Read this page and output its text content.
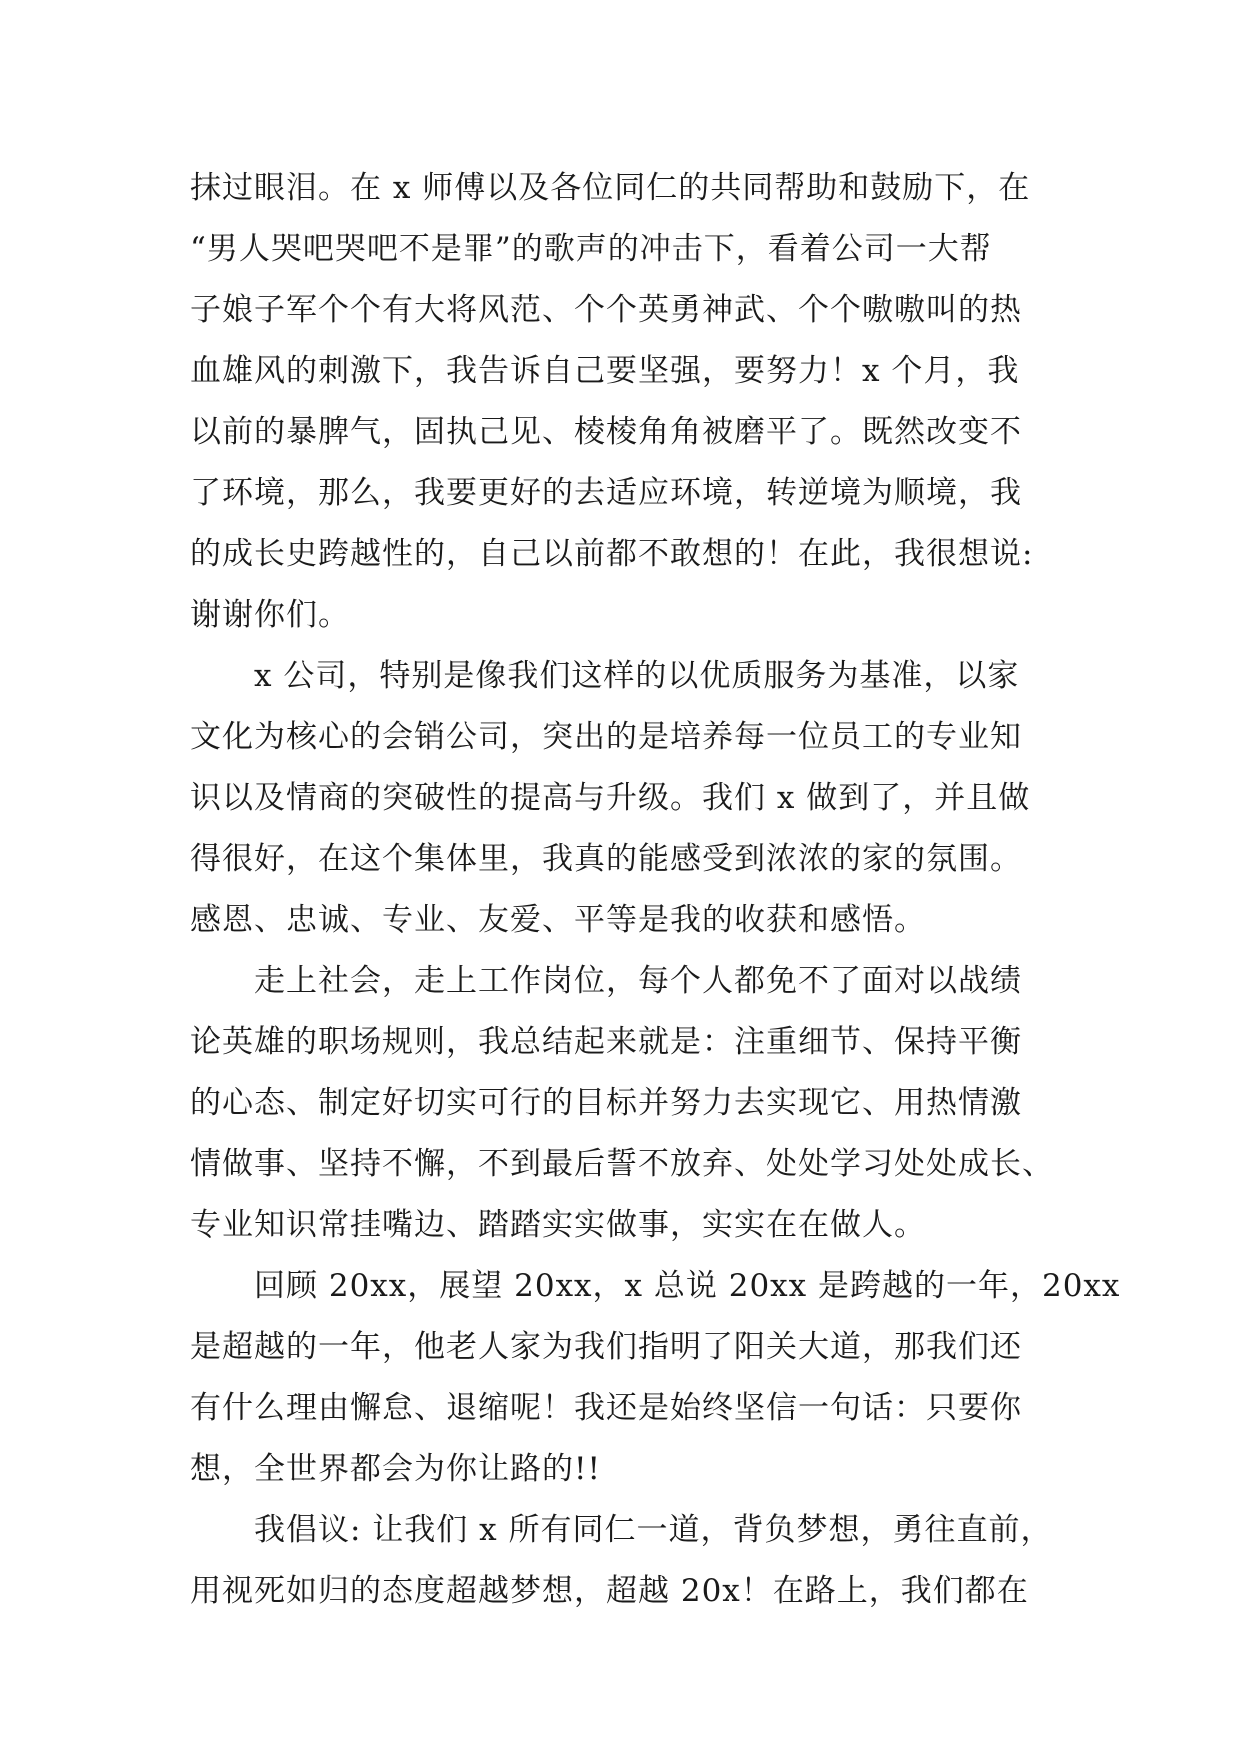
抹过眼泪。在 x 师傅以及各位同仁的共同帮助和鼓励下，在
“男人哭吧哭吧不是罪”的歌声的冲击下，看着公司一大帮
子娘子军个个有大将风范、个个英勇神武、个个嗷嗷叫的热
血雄风的刺激下，我告诉自己要坚强，要努力！x 个月，我
以前的暴脾气，固执己见、棱棱角角被磨平了。既然改变不
了环境，那么，我要更好的去适应环境，转逆境为顺境，我
的成长史跨越性的，自己以前都不敢想的！在此，我很想说:
谢谢你们。
x 公司，特别是像我们这样的以优质服务为基准，以家
文化为核心的会销公司，突出的是培养每一位员工的专业知
识以及情商的突破性的提高与升级。我们 x 做到了，并且做
得很好，在这个集体里，我真的能感受到浓浓的家的氛围。
感恩、忠诚、专业、友爱、平等是我的收获和感悟。
走上社会，走上工作岗位，每个人都免不了面对以战绩
论英雄的职场规则，我总结起来就是：注重细节、保持平衡
的心态、制定好切实可行的目标并努力去实现它、用热情激
情做事、坚持不懈，不到最后誓不放弃、处处学习处处成长、
专业知识常挂嘴边、踏踏实实做事，实实在在做人。
回顾 20xx，展望 20xx，x 总说 20xx 是跨越的一年，20xx
是超越的一年，他老人家为我们指明了阳关大道，那我们还
有什么理由懈怠、退缩呢！我还是始终坚信一句话：只要你
想，全世界都会为你让路的!!
我倡议: 让我们 x 所有同仁一道，背负梦想，勇往直前，
用视死如归的态度超越梦想，超越 20x！在路上，我们都在
